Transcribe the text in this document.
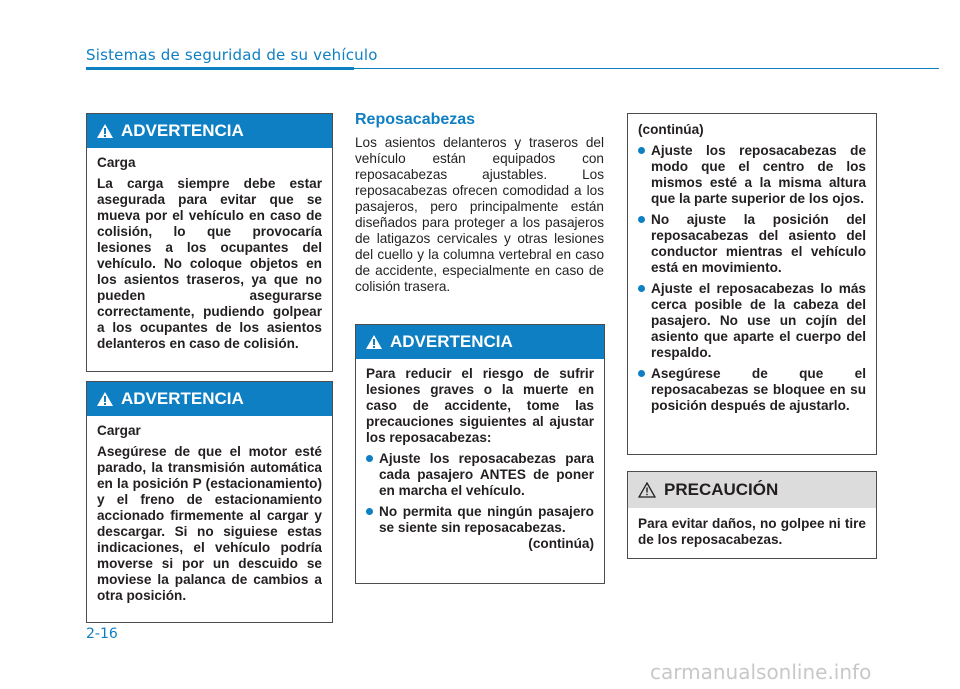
Sistemas de seguridad de su vehículo
ADVERTENCIA

Carga

La carga siempre debe estar asegurada para evitar que se mueva por el vehículo en caso de colisión, lo que provocaría lesiones a los ocupantes del vehículo. No coloque objetos en los asientos traseros, ya que no pueden asegurarse correctamente, pudiendo golpear a los ocupantes de los asientos delanteros en caso de colisión.

ADVERTENCIA

Cargar

Asegúrese de que el motor esté parado, la transmisión automática en la posición P (estacionamiento) y el freno de estacionamiento accionado firmemente al cargar y descargar. Si no siguiese estas indicaciones, el vehículo podría moverse si por un descuido se moviese la palanca de cambios a otra posición.

Reposacabezas
Los asientos delanteros y traseros del vehículo están equipados con reposacabezas ajustables. Los reposacabezas ofrecen comodidad a los pasajeros, pero principalmente están diseñados para proteger a los pasajeros de latigazos cervicales y otras lesiones del cuello y la columna vertebral en caso de accidente, especialmente en caso de colisión trasera.
ADVERTENCIA

Para reducir el riesgo de sufrir lesiones graves o la muerte en caso de accidente, tome las precauciones siguientes al ajustar los reposacabezas:

Ajuste los reposacabezas para cada pasajero ANTES de poner en marcha el vehículo.
No permita que ningún pasajero se siente sin reposacabezas.

(continúa)

(continúa)

Ajuste los reposacabezas de modo que el centro de los mismos esté a la misma altura que la parte superior de los ojos.
No ajuste la posición del reposacabezas del asiento del conductor mientras el vehículo está en movimiento.
Ajuste el reposacabezas lo más cerca posible de la cabeza del pasajero. No use un cojín del asiento que aparte el cuerpo del respaldo.
Asegúrese de que el reposacabezas se bloquee en su posición después de ajustarlo.
PRECAUCIÓN

Para evitar daños, no golpee ni tire de los reposacabezas.

2-16
carmanualsonline.info
